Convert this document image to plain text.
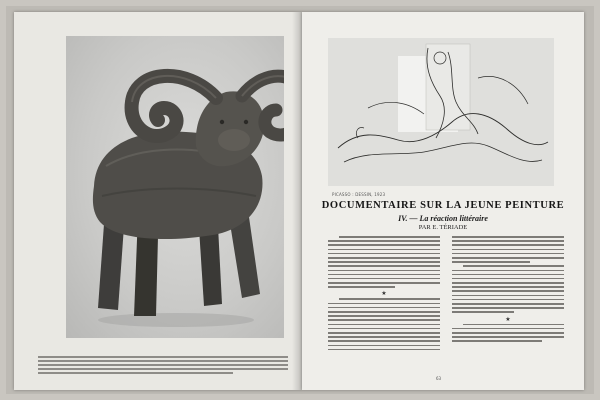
PICASSO : DESSIN, 1923
DOCUMENTAIRE SUR LA JEUNE PEINTURE
IV. — La réaction littéraire
PAR E. TÉRIADE
★
★
63
